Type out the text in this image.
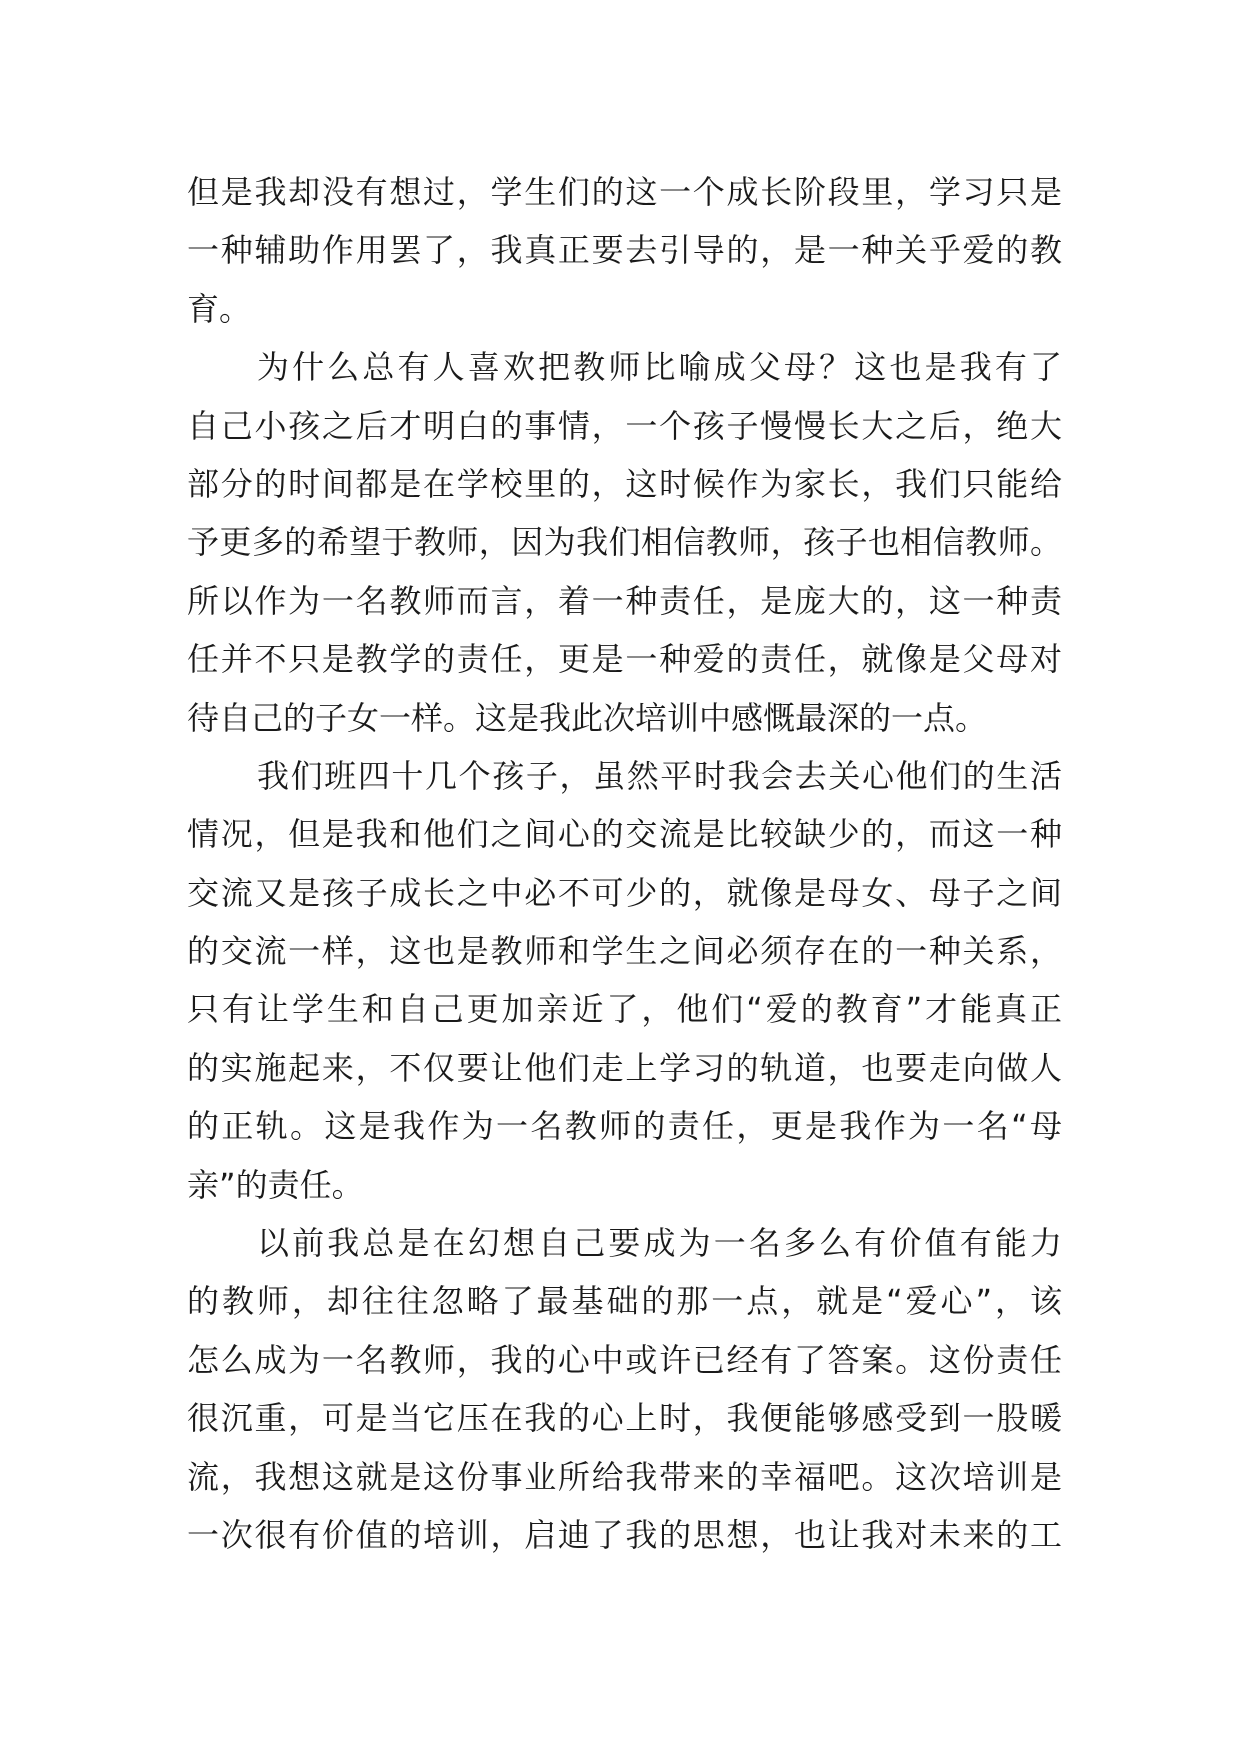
但是我却没有想过，学生们的这一个成长阶段里，学习只是
一种辅助作用罢了，我真正要去引导的，是一种关乎爱的教
育。
为什么总有人喜欢把教师比喻成父母？这也是我有了
自己小孩之后才明白的事情，一个孩子慢慢长大之后，绝大
部分的时间都是在学校里的，这时候作为家长，我们只能给
予更多的希望于教师，因为我们相信教师，孩子也相信教师。
所以作为一名教师而言，着一种责任，是庞大的，这一种责
任并不只是教学的责任，更是一种爱的责任，就像是父母对
待自己的子女一样。这是我此次培训中感慨最深的一点。
我们班四十几个孩子，虽然平时我会去关心他们的生活
情况，但是我和他们之间心的交流是比较缺少的，而这一种
交流又是孩子成长之中必不可少的，就像是母女、母子之间
的交流一样，这也是教师和学生之间必须存在的一种关系，
只有让学生和自己更加亲近了，他们“爱的教育”才能真正
的实施起来，不仅要让他们走上学习的轨道，也要走向做人
的正轨。这是我作为一名教师的责任，更是我作为一名“母
亲”的责任。
以前我总是在幻想自己要成为一名多么有价值有能力
的教师，却往往忽略了最基础的那一点，就是“爱心”，该
怎么成为一名教师，我的心中或许已经有了答案。这份责任
很沉重，可是当它压在我的心上时，我便能够感受到一股暖
流，我想这就是这份事业所给我带来的幸福吧。这次培训是
一次很有价值的培训，启迪了我的思想，也让我对未来的工
